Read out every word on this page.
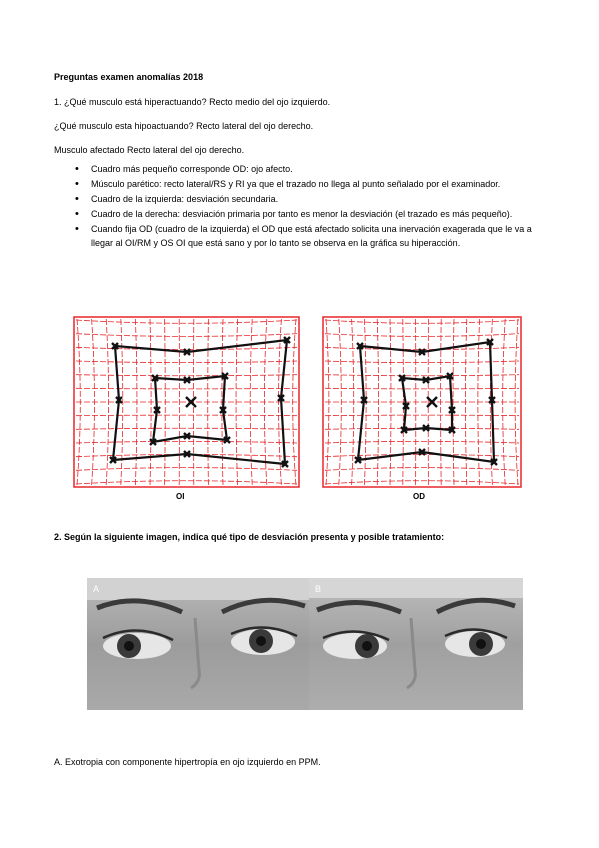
Preguntas examen anomalías 2018
1. ¿Qué musculo está hiperactuando? Recto medio del ojo izquierdo.
¿Qué musculo esta hipoactuando? Recto lateral del ojo derecho.
Musculo afectado Recto lateral del ojo derecho.
• Cuadro más pequeño corresponde OD: ojo afecto.
• Músculo parético: recto lateral/RS y RI ya que el trazado no llega al punto señalado por el examinador.
• Cuadro de la izquierda: desviación secundaria.
• Cuadro de la derecha: desviación primaria por tanto es menor la desviación (el trazado es más pequeño).
• Cuando fija OD (cuadro de la izquierda) el OD que está afectado solicita una inervación exagerada que le va a llegar al OI/RM y OS OI que está sano y por lo tanto se observa en la gráfica su hiperacción.
OI	OD
2. Según la siguiente imagen, indica qué tipo de desviación presenta y posible tratamiento:
A	B
A. Exotropia con componente hipertropía en ojo izquierdo en PPM.
